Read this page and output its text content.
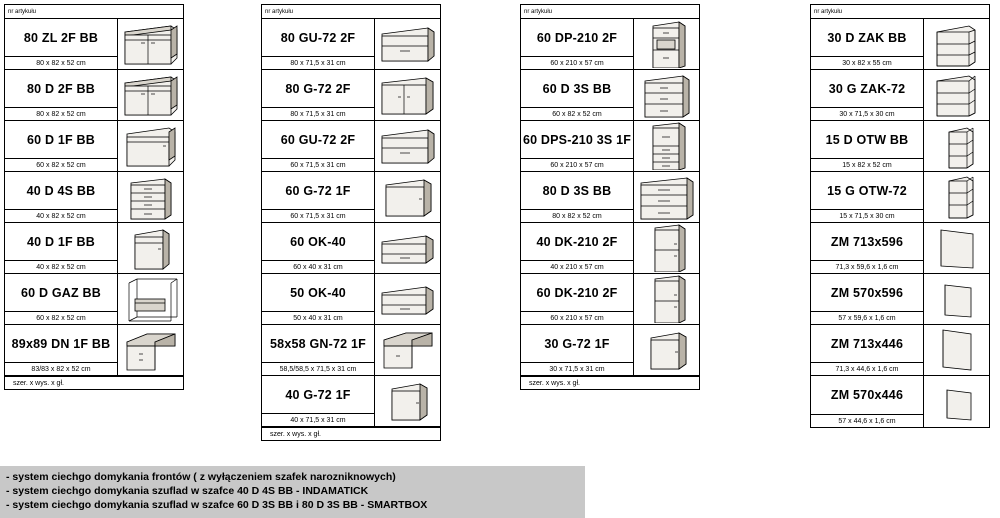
nr artykułu
80 ZL 2F BB
80 x 82 x 52 cm
80 D 2F BB
80 x 82 x 52 cm
60 D 1F BB
60 x 82 x 52 cm
40 D 4S BB
40 x 82 x 52 cm
40 D 1F BB
40 x 82 x 52 cm
60 D GAZ BB
60 x 82 x 52 cm
89x89 DN 1F BB
83/83 x 82 x 52 cm
szer. x wys. x gł.
nr artykułu
80 GU-72 2F
80 x 71,5 x 31 cm
80 G-72 2F
80 x 71,5 x 31 cm
60 GU-72 2F
60 x 71,5 x 31 cm
60 G-72 1F
60 x 71,5 x 31 cm
60 OK-40
60 x 40 x 31 cm
50 OK-40
50 x 40 x 31 cm
58x58 GN-72 1F
58,5/58,5 x 71,5 x 31 cm
40 G-72 1F
40 x 71,5 x 31 cm
szer. x wys. x gł.
nr artykułu
60 DP-210 2F
60 x 210 x 57 cm
60 D 3S BB
60 x 82 x 52 cm
60 DPS-210 3S 1F
60 x 210 x 57 cm
80 D 3S BB
80 x 82 x 52 cm
40 DK-210 2F
40 x 210 x 57 cm
60 DK-210 2F
60 x 210 x 57 cm
30 G-72 1F
30 x 71,5 x 31 cm
szer. x wys. x gł.
nr artykułu
30 D ZAK BB
30 x 82 x 55 cm
30 G ZAK-72
30 x 71,5 x 30 cm
15 D OTW BB
15 x 82 x 52 cm
15 G OTW-72
15 x 71,5 x 30 cm
ZM 713x596
71,3 x 59,6 x 1,6 cm
ZM 570x596
57 x 59,6 x 1,6 cm
ZM 713x446
71,3 x 44,6 x 1,6 cm
ZM 570x446
57 x 44,6 x 1,6 cm
- system ciechgo domykania frontów ( z wyłączeniem szafek narozniknowych)
- system ciechgo domykania szuflad w szafce 40 D 4S BB - INDAMATICK
- system ciechgo domykania szuflad w szafce 60 D 3S BB i 80 D 3S BB - SMARTBOX
